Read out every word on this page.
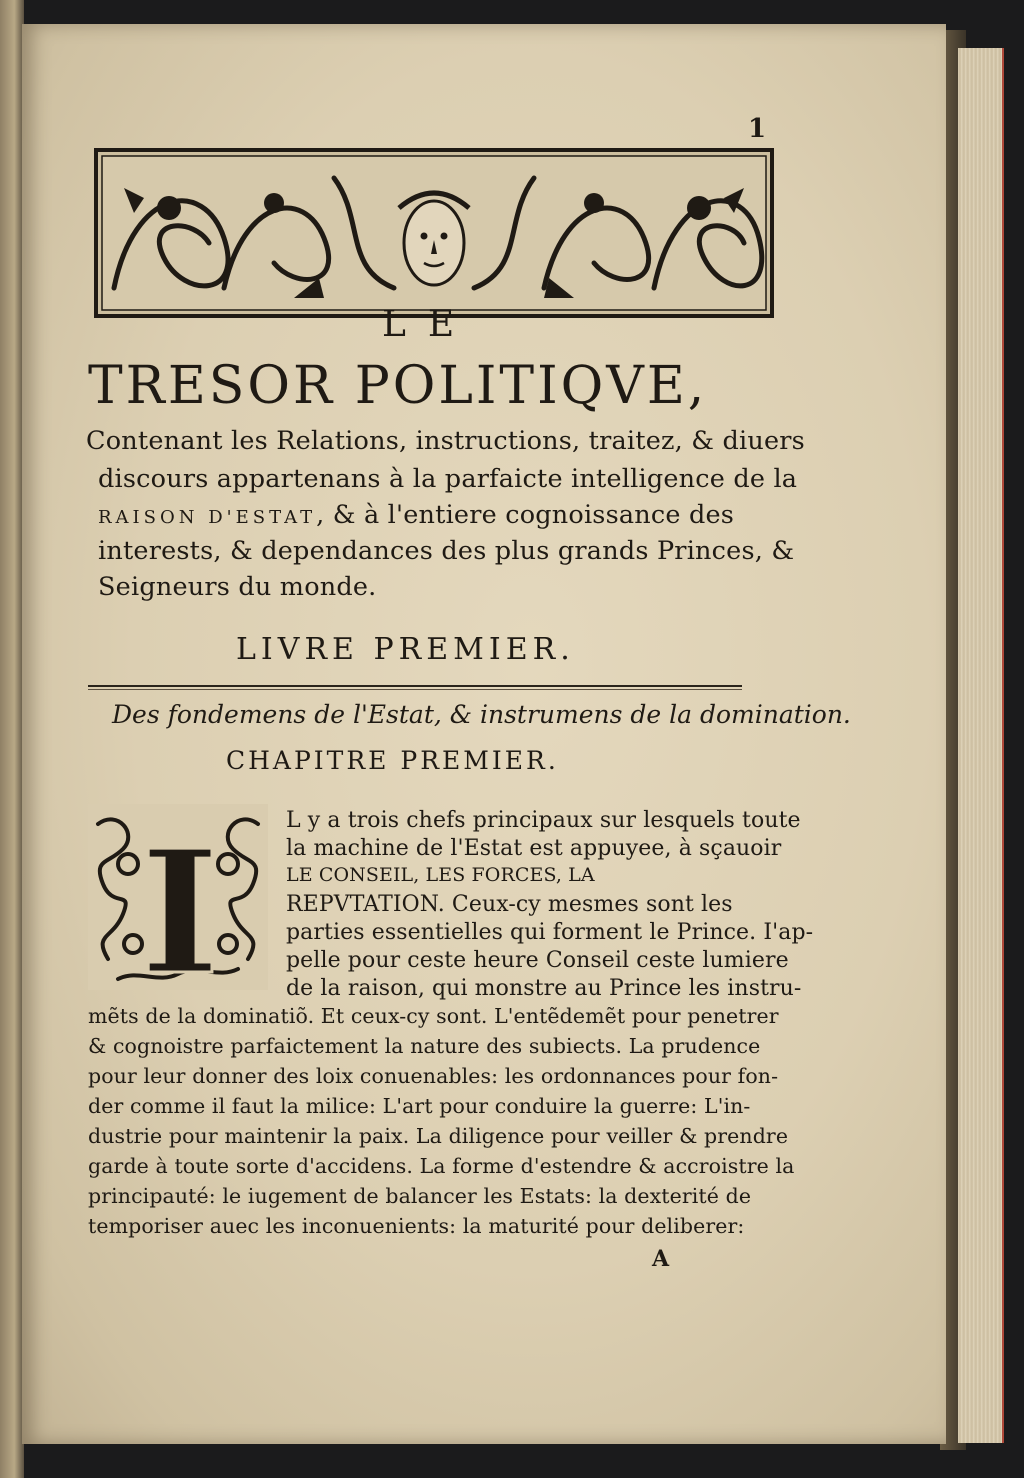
1
LE
TRESOR POLITIQVE,
Contenant les Relations, instructions, traitez, & diuers
discours appartenans à la parfaicte intelligence de la
RAISON D'ESTAT, & à l'entiere cognoissance des
interests, & dependances des plus grands Princes, &
Seigneurs du monde.
LIVRE PREMIER.
Des fondemens de l'Estat, & instrumens de la domination.
CHAPITRE PREMIER.
I	L y a trois chefs principaux sur lesquels toute
la machine de l'Estat est appuyee, à sçauoir
LE CONSEIL, LES FORCES, LA
REPVTATION. Ceux-cy mesmes sont les
parties essentielles qui forment le Prince. I'ap-
pelle pour ceste heure Conseil ceste lumiere
de la raison, qui monstre au Prince les instru-
mẽts de la dominatiõ. Et ceux-cy sont. L'entẽdemẽt pour penetrer
& cognoistre parfaictement la nature des subiects. La prudence
pour leur donner des loix conuenables: les ordonnances pour fon-
der comme il faut la milice: L'art pour conduire la guerre: L'in-
dustrie pour maintenir la paix. La diligence pour veiller & prendre
garde à toute sorte d'accidens. La forme d'estendre & accroistre la
principauté: le iugement de balancer les Estats: la dexterité de
temporiser auec les inconuenients: la maturité pour deliberer:
A
